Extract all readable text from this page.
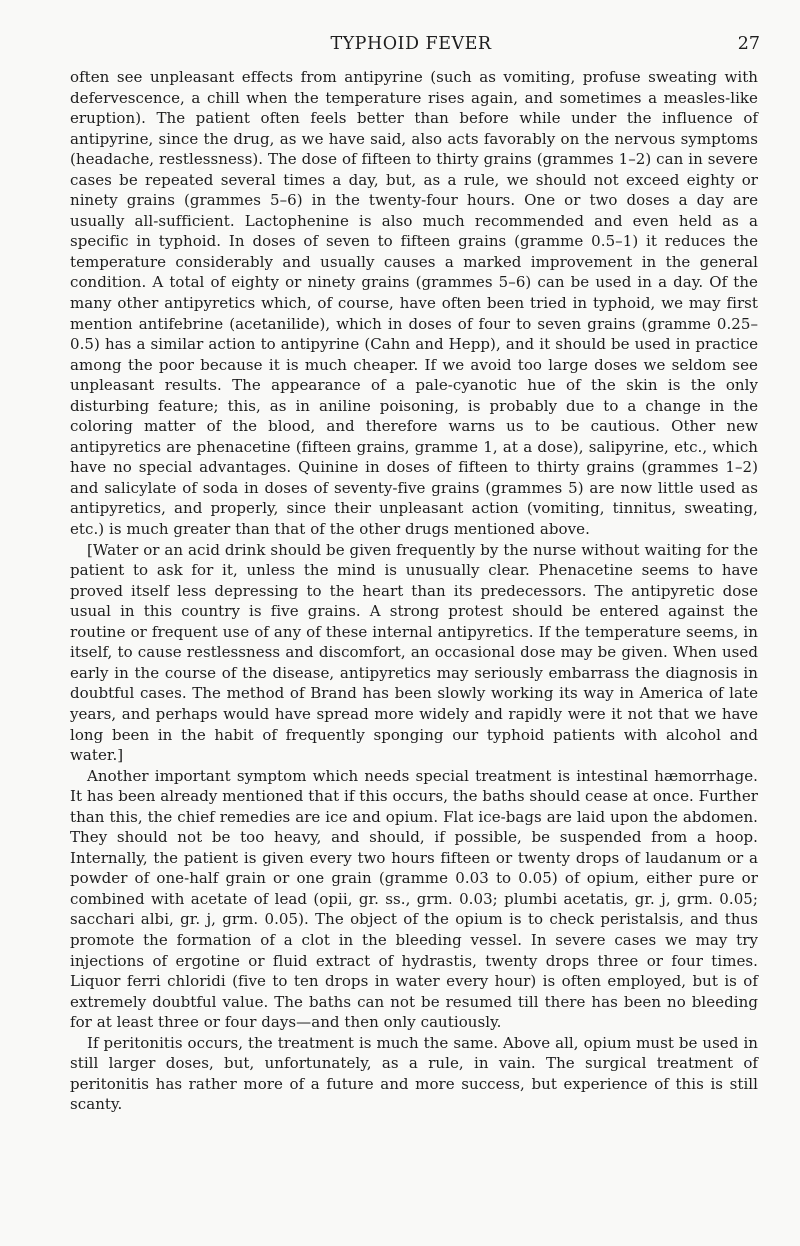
TYPHOID FEVER	27

often see unpleasant effects from antipyrine (such as vomiting, profuse sweating with defervescence, a chill when the temperature rises again, and sometimes a measles-like eruption). The patient often feels better than before while under the influence of antipyrine, since the drug, as we have said, also acts favorably on the nervous symptoms (headache, restlessness). The dose of fifteen to thirty grains (grammes 1–2) can in severe cases be repeated several times a day, but, as a rule, we should not exceed eighty or ninety grains (grammes 5–6) in the twenty-four hours. One or two doses a day are usually all-sufficient. Lactophenine is also much recommended and even held as a specific in typhoid. In doses of seven to fifteen grains (gramme 0.5–1) it reduces the temperature considerably and usually causes a marked improvement in the general condition. A total of eighty or ninety grains (grammes 5–6) can be used in a day. Of the many other antipyretics which, of course, have often been tried in typhoid, we may first mention antifebrine (acetanilide), which in doses of four to seven grains (gramme 0.25–0.5) has a similar action to antipyrine (Cahn and Hepp), and it should be used in practice among the poor because it is much cheaper. If we avoid too large doses we seldom see unpleasant results. The appearance of a pale-cyanotic hue of the skin is the only disturbing feature; this, as in aniline poisoning, is probably due to a change in the coloring matter of the blood, and therefore warns us to be cautious. Other new antipyretics are phenacetine (fifteen grains, gramme 1, at a dose), salipyrine, etc., which have no special advantages. Quinine in doses of fifteen to thirty grains (grammes 1–2) and salicylate of soda in doses of seventy-five grains (grammes 5) are now little used as antipyretics, and properly, since their unpleasant action (vomiting, tinnitus, sweating, etc.) is much greater than that of the other drugs mentioned above.

[Water or an acid drink should be given frequently by the nurse without waiting for the patient to ask for it, unless the mind is unusually clear. Phenacetine seems to have proved itself less depressing to the heart than its predecessors. The antipyretic dose usual in this country is five grains. A strong protest should be entered against the routine or frequent use of any of these internal antipyretics. If the temperature seems, in itself, to cause restlessness and discomfort, an occasional dose may be given. When used early in the course of the disease, antipyretics may seriously embarrass the diagnosis in doubtful cases. The method of Brand has been slowly working its way in America of late years, and perhaps would have spread more widely and rapidly were it not that we have long been in the habit of frequently sponging our typhoid patients with alcohol and water.]

Another important symptom which needs special treatment is intestinal hæmorrhage. It has been already mentioned that if this occurs, the baths should cease at once. Further than this, the chief remedies are ice and opium. Flat ice-bags are laid upon the abdomen. They should not be too heavy, and should, if possible, be suspended from a hoop. Internally, the patient is given every two hours fifteen or twenty drops of laudanum or a powder of one-half grain or one grain (gramme 0.03 to 0.05) of opium, either pure or combined with acetate of lead (opii, gr. ss., grm. 0.03; plumbi acetatis, gr. j, grm. 0.05; sacchari albi, gr. j, grm. 0.05). The object of the opium is to check peristalsis, and thus promote the formation of a clot in the bleeding vessel. In severe cases we may try injections of ergotine or fluid extract of hydrastis, twenty drops three or four times. Liquor ferri chloridi (five to ten drops in water every hour) is often employed, but is of extremely doubtful value. The baths can not be resumed till there has been no bleeding for at least three or four days—and then only cautiously.

If peritonitis occurs, the treatment is much the same. Above all, opium must be used in still larger doses, but, unfortunately, as a rule, in vain. The surgical treatment of peritonitis has rather more of a future and more success, but experience of this is still scanty.
